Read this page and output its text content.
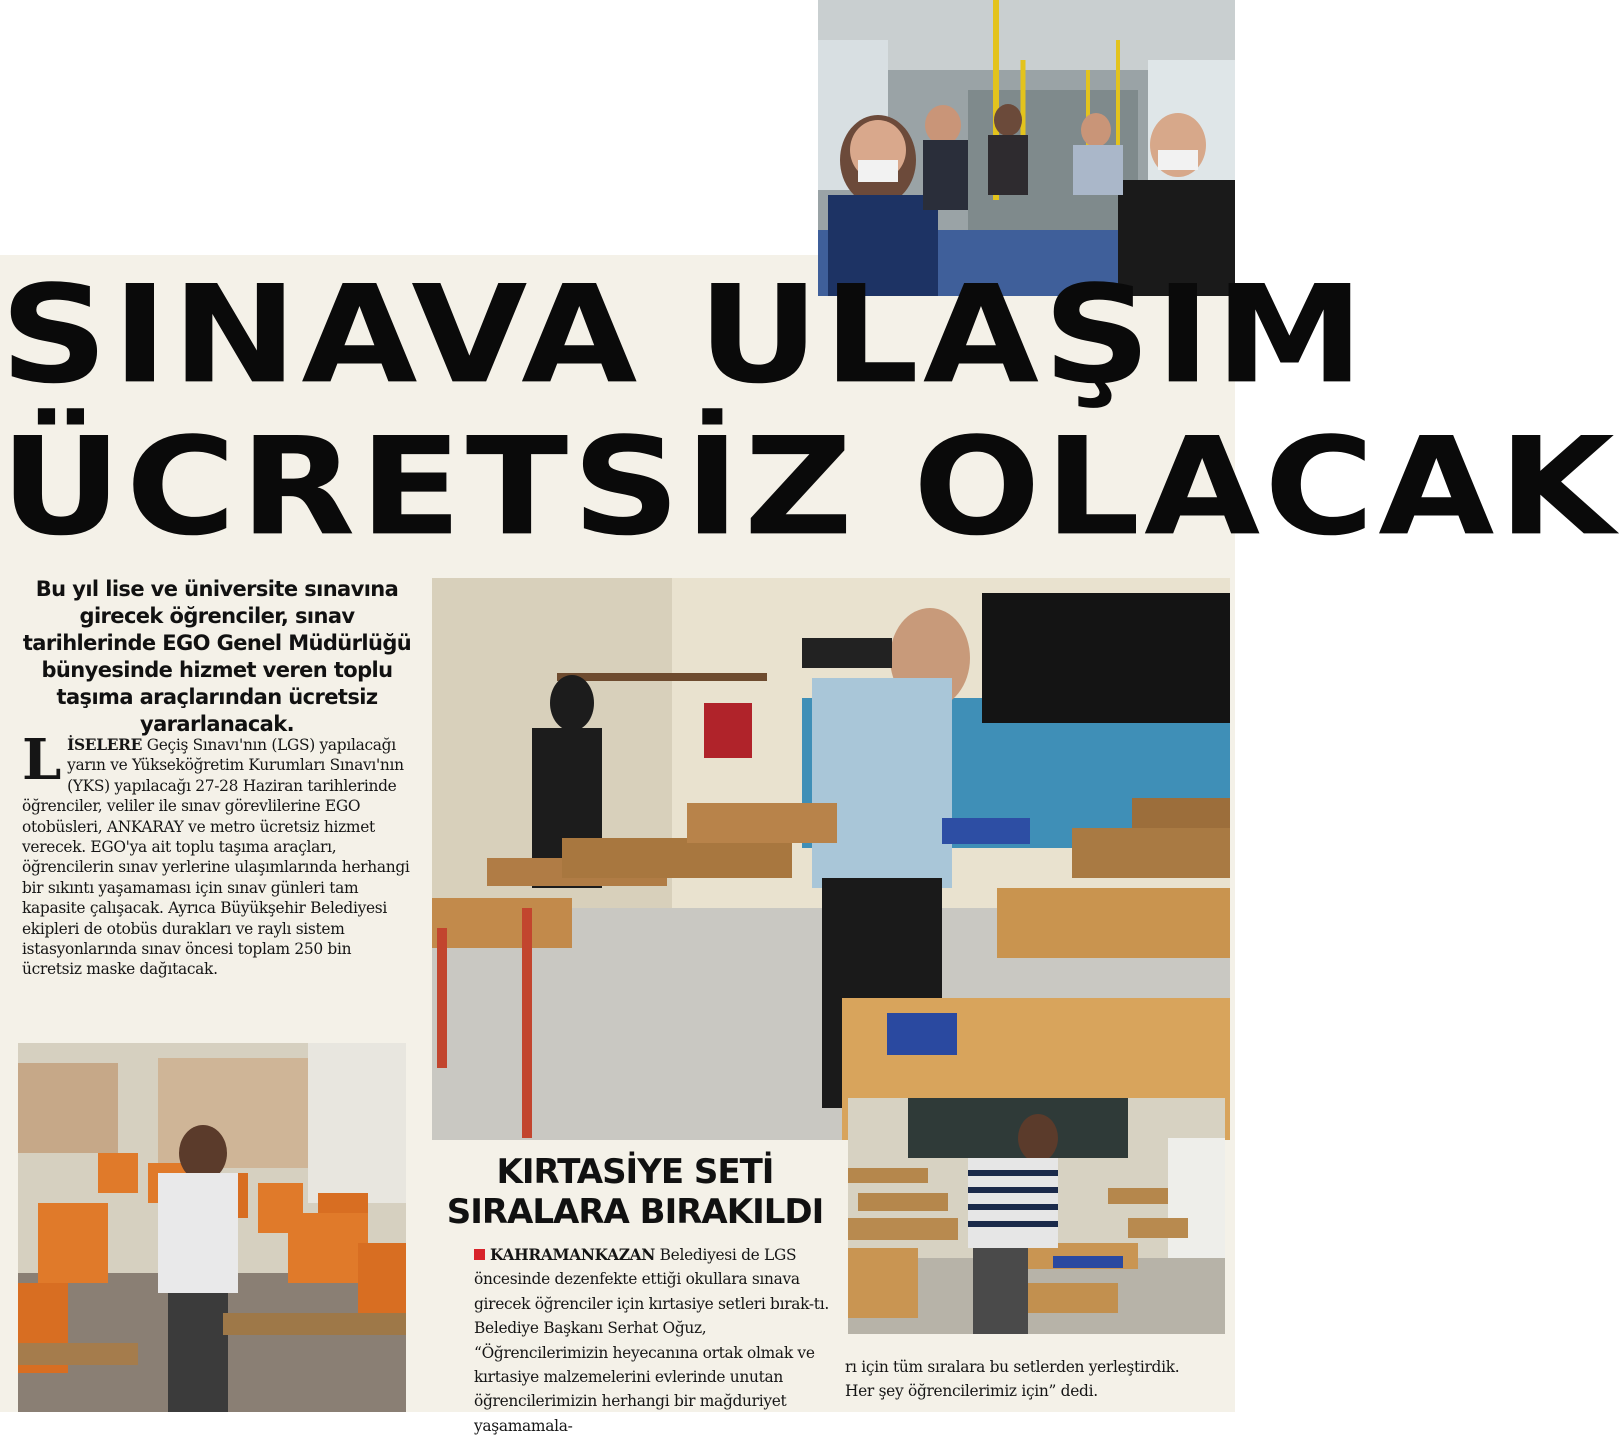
SINAVA ULAŞIM
ÜCRETSİZ OLACAK
Bu yıl lise ve üniversite sınavına girecek öğrenciler, sınav tarihlerinde EGO Genel Müdürlüğü bünyesinde hizmet veren toplu taşıma araçlarından ücretsiz yararlanacak.
LİSELERE Geçiş Sınavı'nın (LGS) yapılacağı yarın ve Yükseköğretim Kurumları Sınavı'nın (YKS) yapılacağı 27-28 Haziran tarihlerinde öğrenciler, veliler ile sınav görevlilerine EGO otobüsleri, ANKARAY ve metro ücretsiz hizmet verecek. EGO'ya ait toplu taşıma araçları, öğrencilerin sınav yerlerine ulaşımlarında herhangi bir sıkıntı yaşamaması için sınav günleri tam kapasite çalışacak. Ayrıca Büyükşehir Belediyesi ekipleri de otobüs durakları ve raylı sistem istasyonlarında sınav öncesi toplam 250 bin ücretsiz maske dağıtacak.
KIRTASİYE SETİ
SIRALARA BIRAKILDI
KAHRAMANKAZAN Belediyesi de LGS öncesinde dezenfekte ettiği okullara sınava girecek öğrenciler için kırtasiye setleri bırak-tı. Belediye Başkanı Serhat Oğuz, “Öğrencilerimizin heyecanına ortak olmak ve kırtasiye malzemelerini evlerinde unutan öğrencilerimizin herhangi bir mağduriyet yaşamamala-
rı için tüm sıralara bu setlerden yerleştirdik. Her şey öğrencilerimiz için” dedi.
